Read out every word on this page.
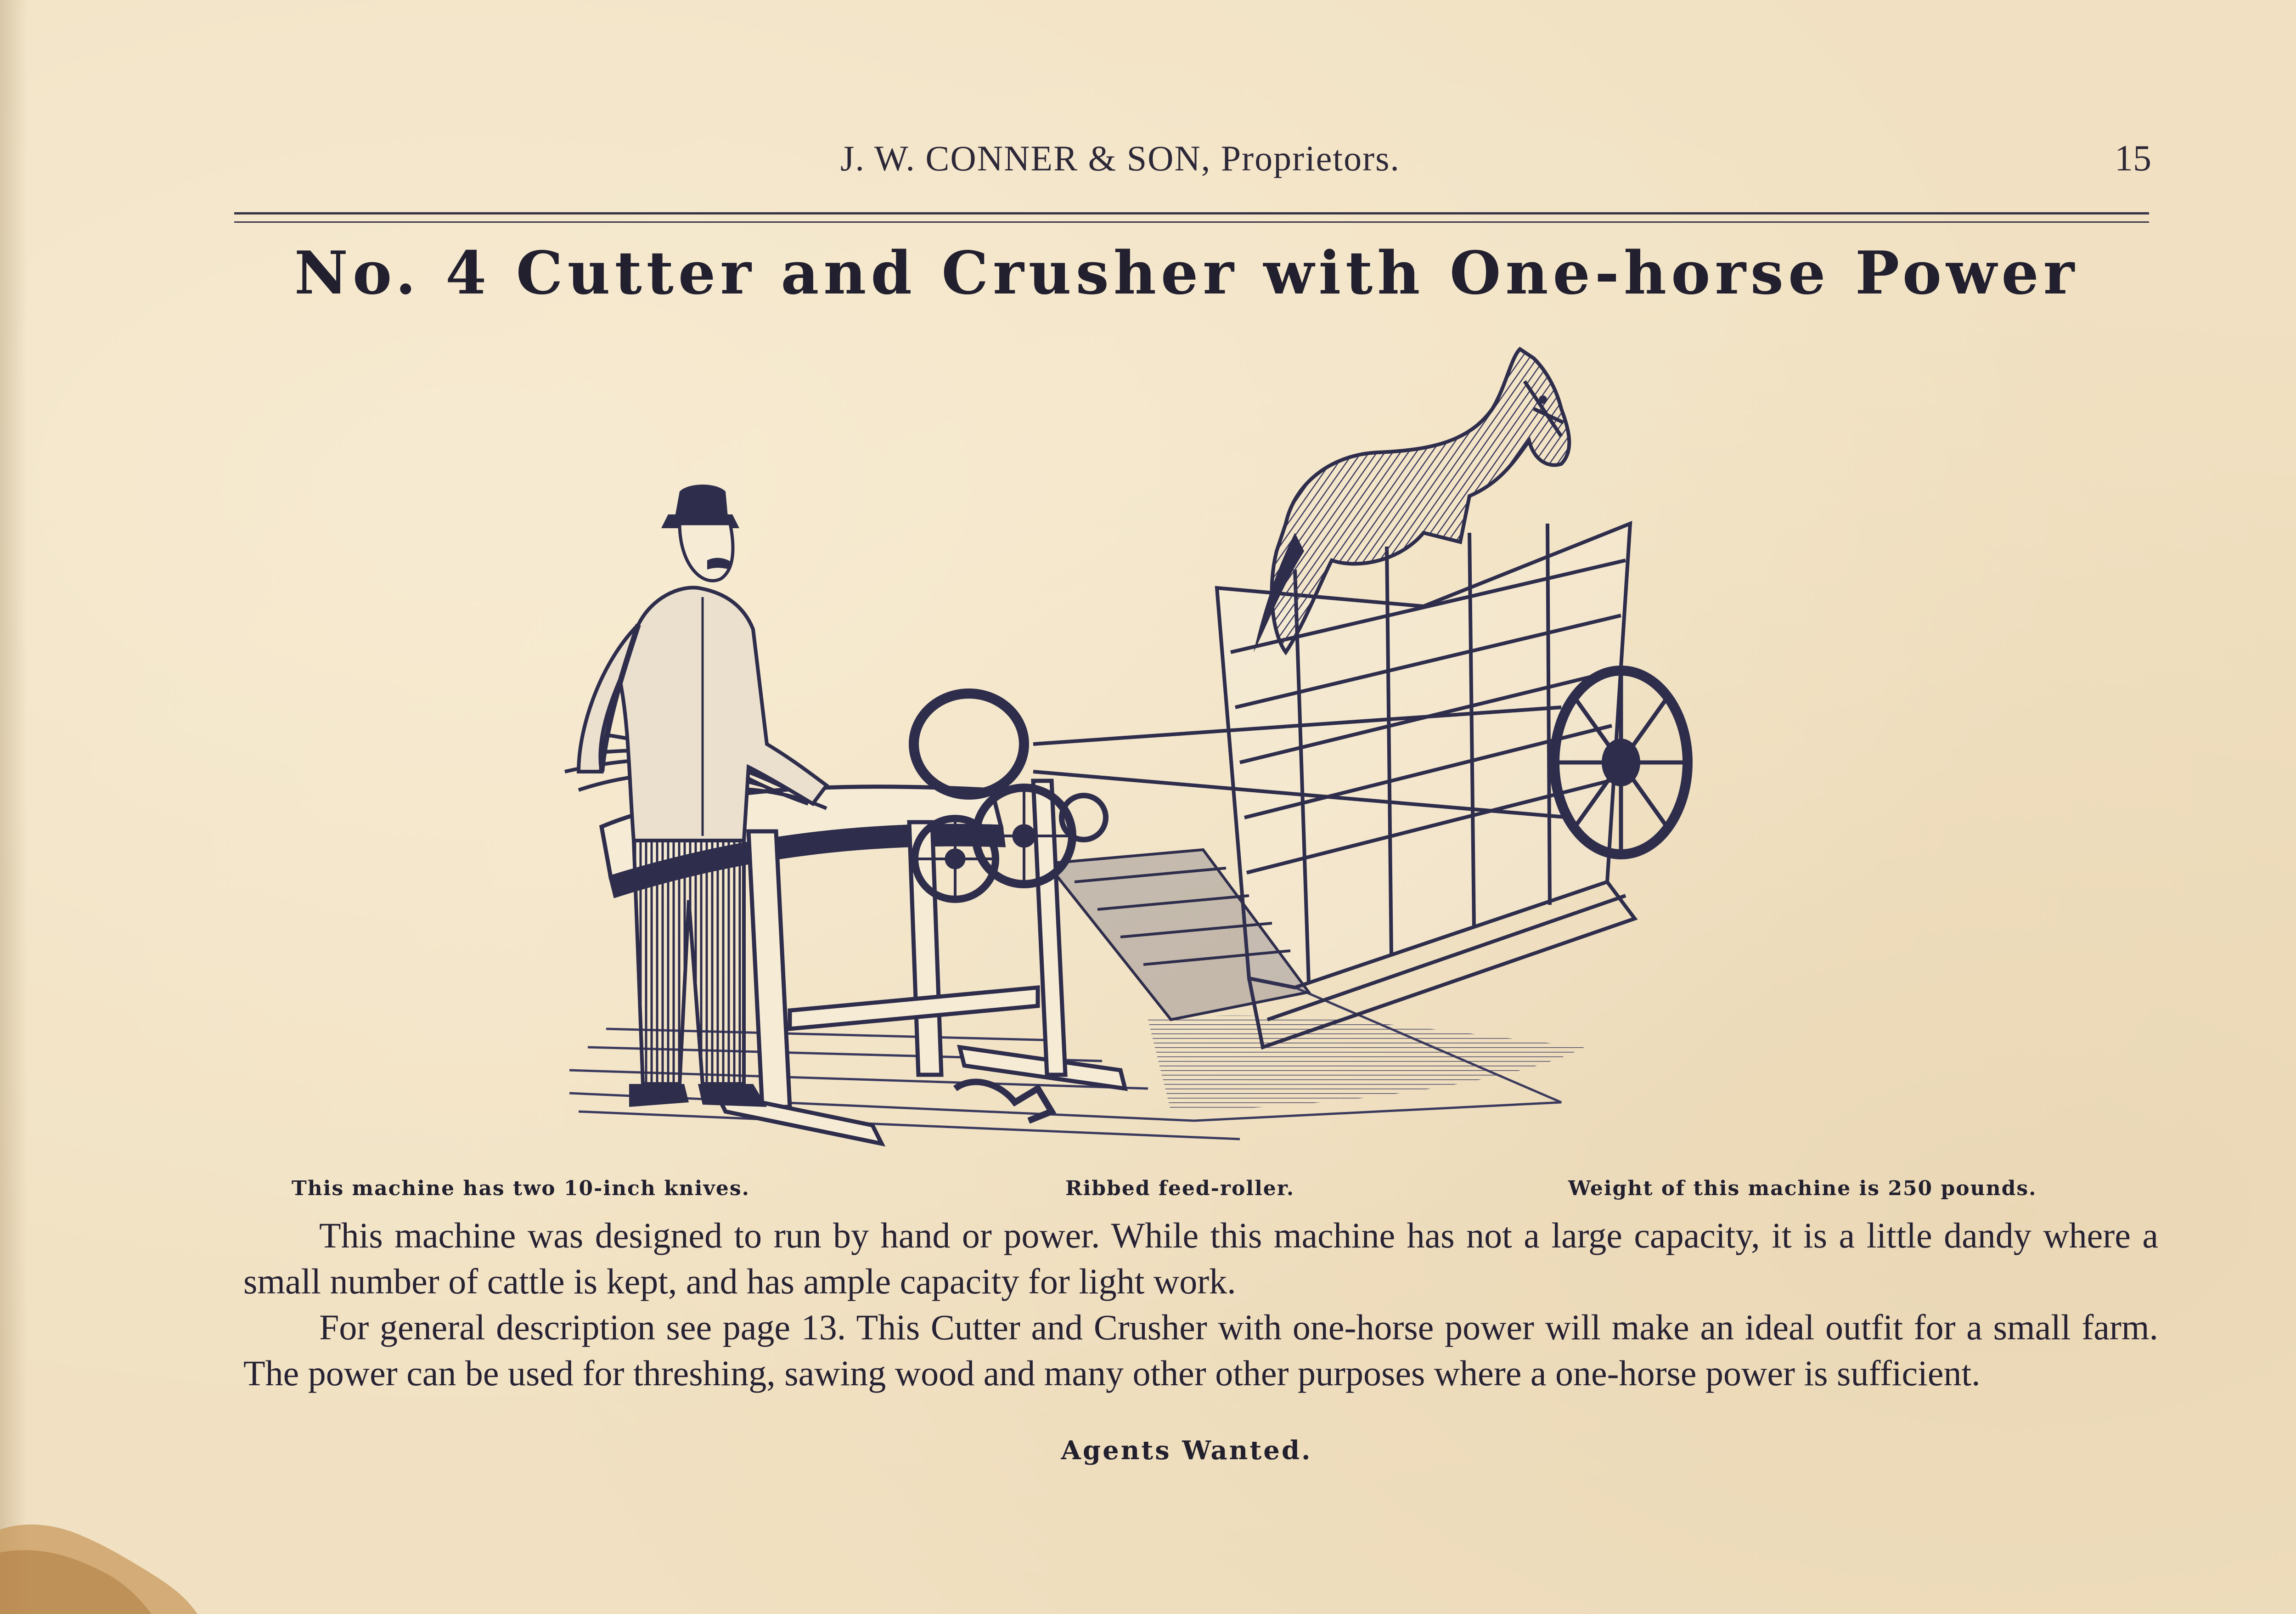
J. W. CONNER & SON, Proprietors.	15
No. 4 Cutter and Crusher with One-horse Power
This machine has two 10-inch knives.	Ribbed feed-roller.	Weight of this machine is 250 pounds.

This machine was designed to run by hand or power. While this machine has not a large capacity, it is a little dandy where a small number of cattle is kept, and has ample capacity for light work.

For general description see page 13. This Cutter and Crusher with one-horse power will make an ideal outfit for a small farm. The power can be used for threshing, sawing wood and many other other purposes where a one-horse power is sufficient.

Agents Wanted.
